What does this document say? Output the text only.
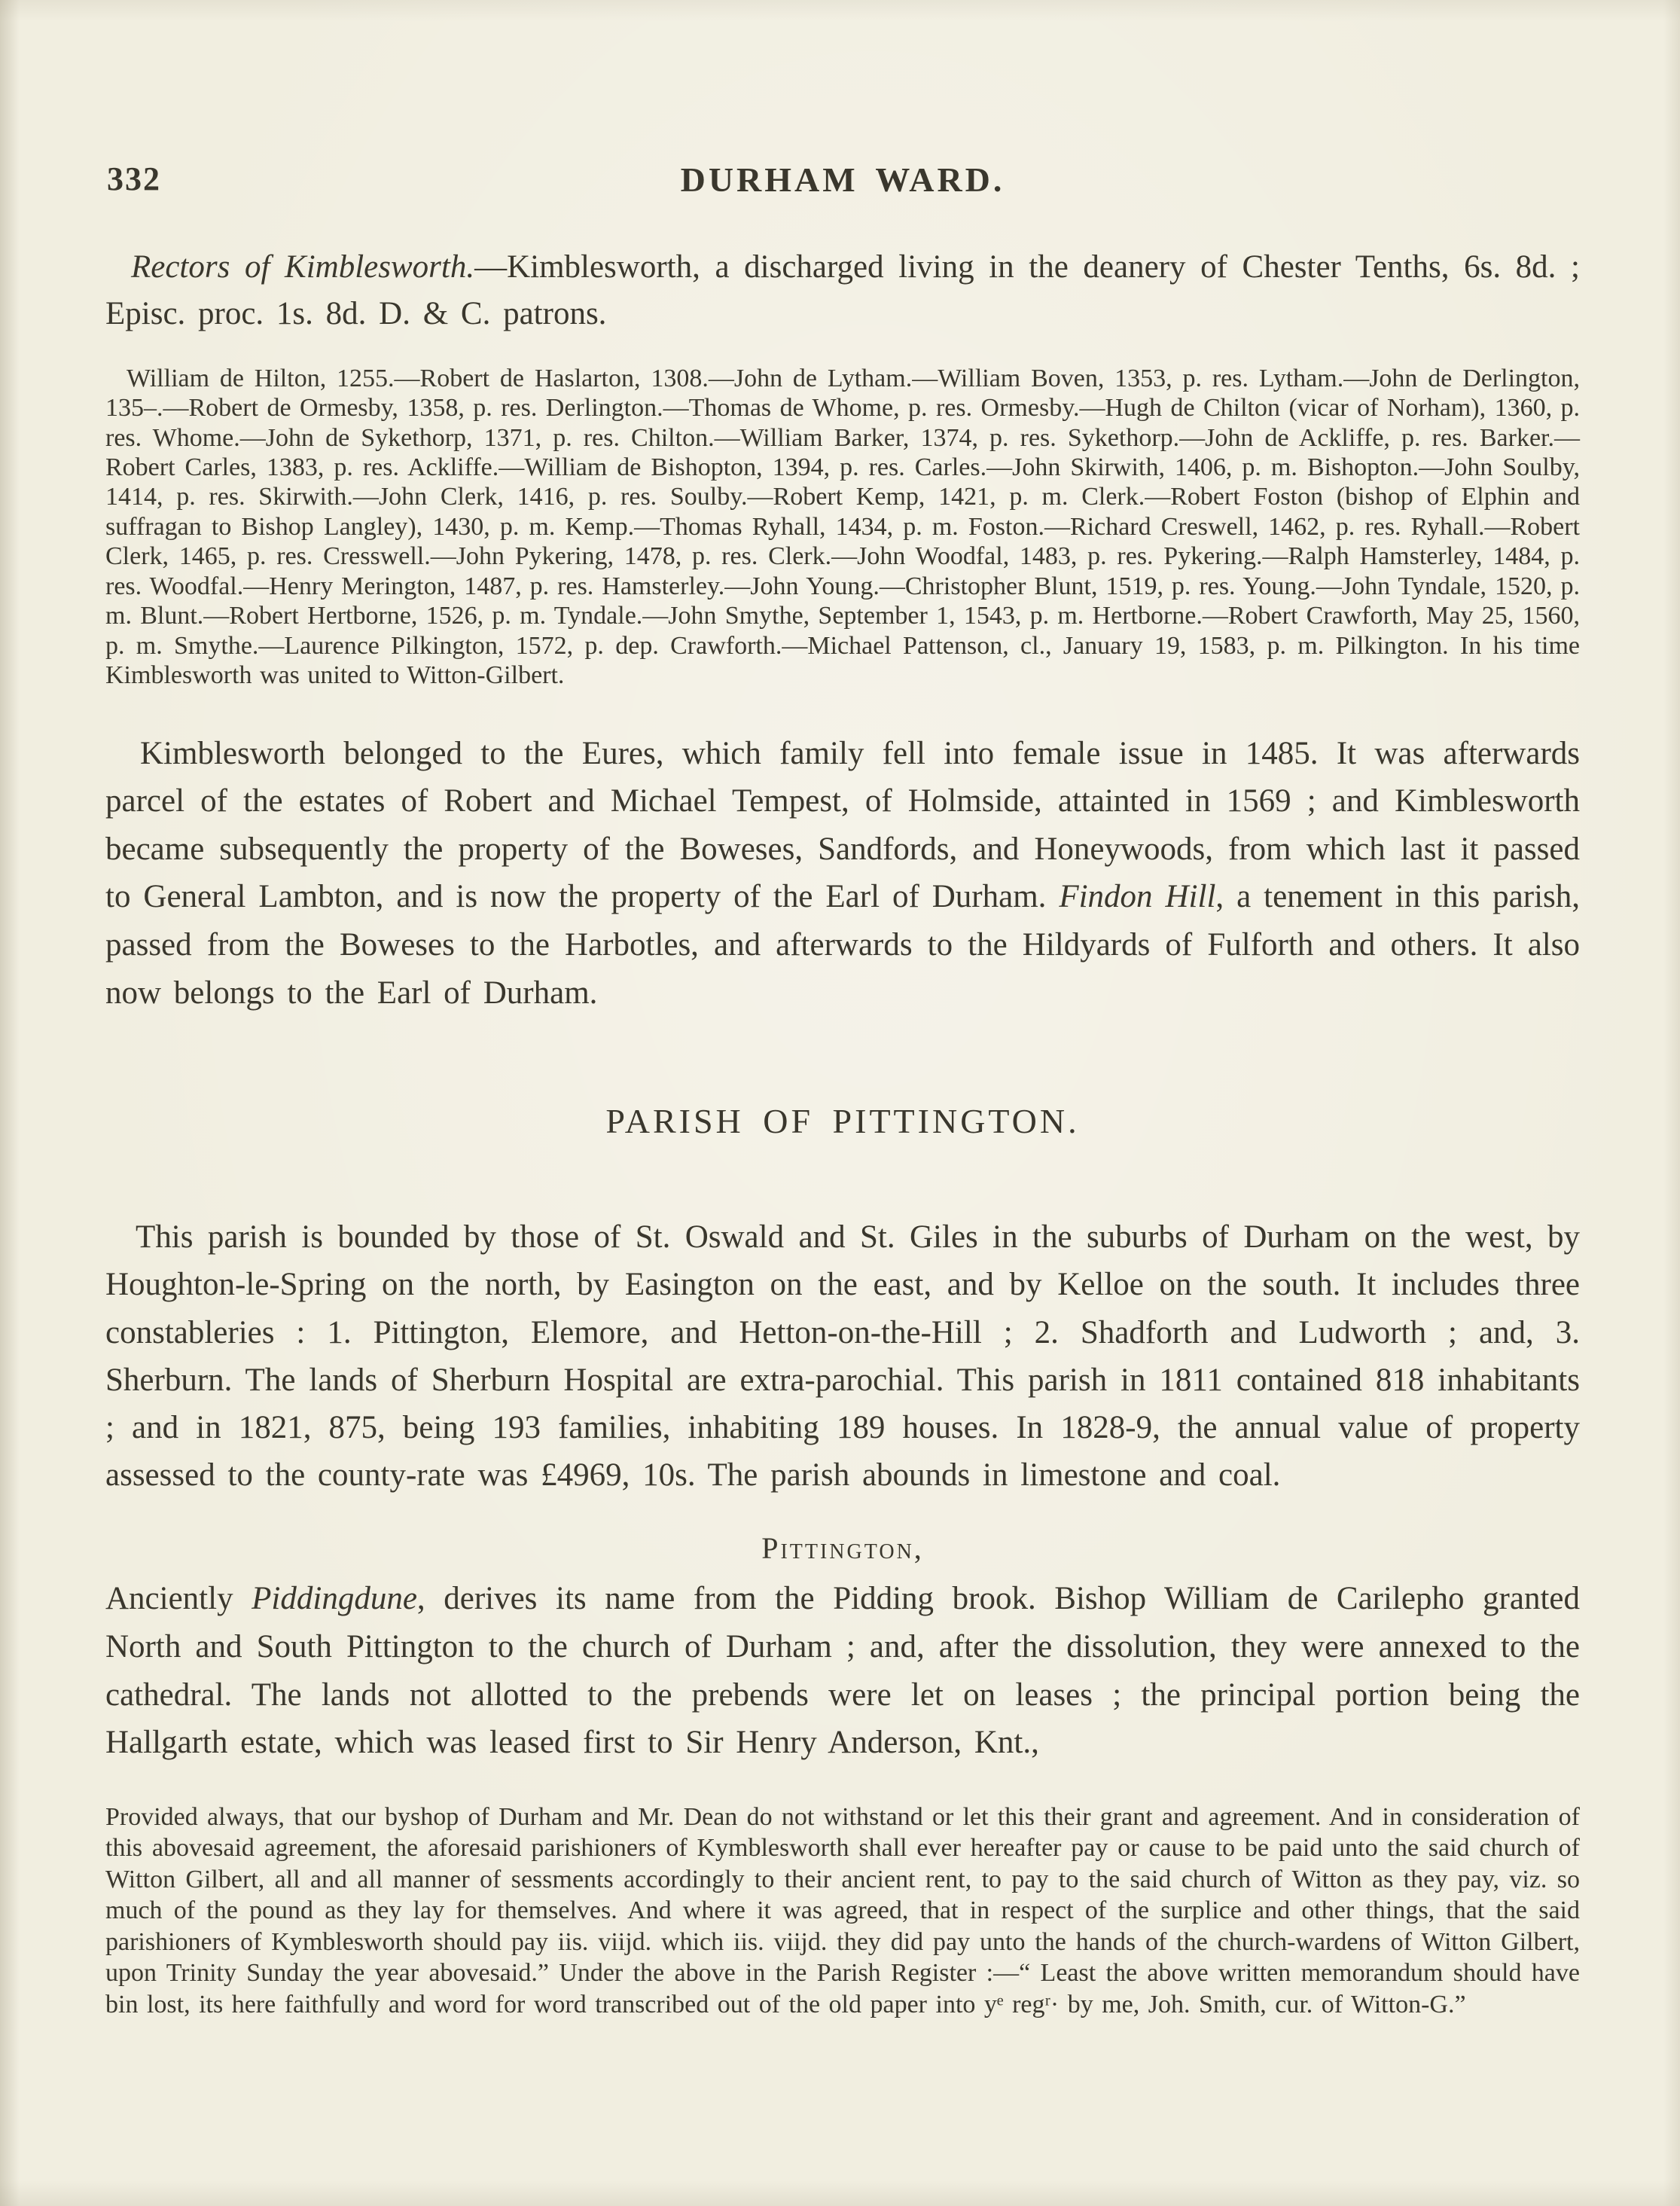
332	DURHAM WARD.

Rectors of Kimblesworth.—Kimblesworth, a discharged living in the deanery of Chester Tenths, 6s. 8d. ; Episc. proc. 1s. 8d. D. & C. patrons.

William de Hilton, 1255.—Robert de Haslarton, 1308.—John de Lytham.—William Boven, 1353, p. res. Lytham.—John de Derlington, 135–.—Robert de Ormesby, 1358, p. res. Derlington.—Thomas de Whome, p. res. Ormesby.—Hugh de Chilton (vicar of Norham), 1360, p. res. Whome.—John de Sykethorp, 1371, p. res. Chilton.—William Barker, 1374, p. res. Sykethorp.—John de Ackliffe, p. res. Barker.—Robert Carles, 1383, p. res. Ackliffe.—William de Bishopton, 1394, p. res. Carles.—John Skirwith, 1406, p. m. Bishopton.—John Soulby, 1414, p. res. Skirwith.—John Clerk, 1416, p. res. Soulby.—Robert Kemp, 1421, p. m. Clerk.—Robert Foston (bishop of Elphin and suffragan to Bishop Langley), 1430, p. m. Kemp.—Thomas Ryhall, 1434, p. m. Foston.—Richard Creswell, 1462, p. res. Ryhall.—Robert Clerk, 1465, p. res. Cresswell.—John Pykering, 1478, p. res. Clerk.—John Woodfal, 1483, p. res. Pykering.—Ralph Hamsterley, 1484, p. res. Woodfal.—Henry Merington, 1487, p. res. Hamsterley.—John Young.—Christopher Blunt, 1519, p. res. Young.—John Tyndale, 1520, p. m. Blunt.—Robert Hertborne, 1526, p. m. Tyndale.—John Smythe, September 1, 1543, p. m. Hertborne.—Robert Crawforth, May 25, 1560, p. m. Smythe.—Laurence Pilkington, 1572, p. dep. Crawforth.—Michael Pattenson, cl., January 19, 1583, p. m. Pilkington. In his time Kimblesworth was united to Witton-Gilbert.

Kimblesworth belonged to the Eures, which family fell into female issue in 1485. It was afterwards parcel of the estates of Robert and Michael Tempest, of Holmside, attainted in 1569 ; and Kimblesworth became subsequently the property of the Boweses, Sandfords, and Honeywoods, from which last it passed to General Lambton, and is now the property of the Earl of Durham. Findon Hill, a tenement in this parish, passed from the Boweses to the Harbotles, and afterwards to the Hildyards of Fulforth and others. It also now belongs to the Earl of Durham.

PARISH OF PITTINGTON.

This parish is bounded by those of St. Oswald and St. Giles in the suburbs of Durham on the west, by Houghton-le-Spring on the north, by Easington on the east, and by Kelloe on the south. It includes three constableries : 1. Pittington, Elemore, and Hetton-on-the-Hill ; 2. Shadforth and Ludworth ; and, 3. Sherburn. The lands of Sherburn Hospital are extra-parochial. This parish in 1811 contained 818 inhabitants ; and in 1821, 875, being 193 families, inhabiting 189 houses. In 1828-9, the annual value of property assessed to the county-rate was £4969, 10s. The parish abounds in limestone and coal.

Pittington,

Anciently Piddingdune, derives its name from the Pidding brook. Bishop William de Carilepho granted North and South Pittington to the church of Durham ; and, after the dissolution, they were annexed to the cathedral. The lands not allotted to the prebends were let on leases ; the principal portion being the Hallgarth estate, which was leased first to Sir Henry Anderson, Knt.,

Provided always, that our byshop of Durham and Mr. Dean do not withstand or let this their grant and agreement. And in consideration of this abovesaid agreement, the aforesaid parishioners of Kymblesworth shall ever hereafter pay or cause to be paid unto the said church of Witton Gilbert, all and all manner of sessments accordingly to their ancient rent, to pay to the said church of Witton as they pay, viz. so much of the pound as they lay for themselves. And where it was agreed, that in respect of the surplice and other things, that the said parishioners of Kymblesworth should pay iis. viijd. which iis. viijd. they did pay unto the hands of the church-wardens of Witton Gilbert, upon Trinity Sunday the year abovesaid.” Under the above in the Parish Register :—“ Least the above written memorandum should have bin lost, its here faithfully and word for word transcribed out of the old paper into yᵉ regʳ· by me, Joh. Smith, cur. of Witton-G.”
